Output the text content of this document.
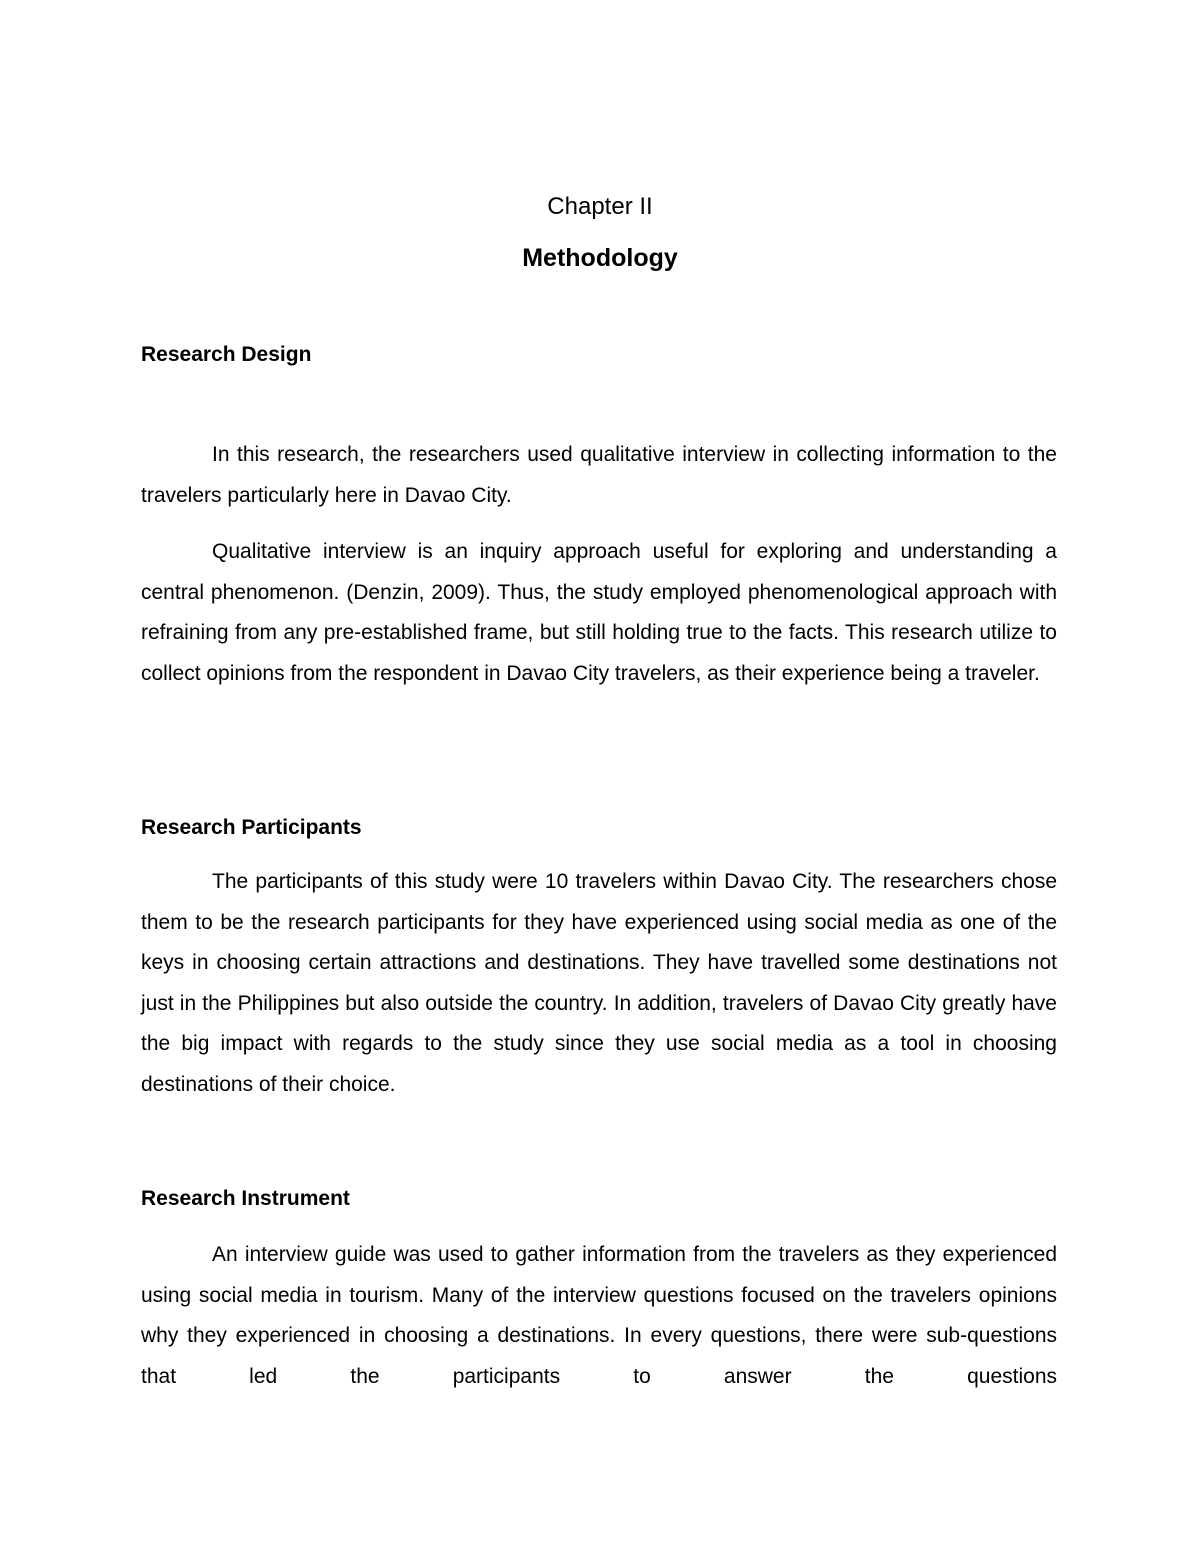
Chapter II
Methodology
Research Design

In this research, the researchers used qualitative interview in collecting information to the travelers particularly here in Davao City.

Qualitative interview is an inquiry approach useful for exploring and understanding a central phenomenon. (Denzin, 2009). Thus, the study employed phenomenological approach with refraining from any pre-established frame, but still holding true to the facts. This research utilize to collect opinions from the respondent in Davao City travelers, as their experience being a traveler.

Research Participants

The participants of this study were 10 travelers within Davao City. The researchers chose them to be the research participants for they have experienced using social media as one of the keys in choosing certain attractions and destinations. They have travelled some destinations not just in the Philippines but also outside the country. In addition, travelers of Davao City greatly have the big impact with regards to the study since they use social media as a tool in choosing destinations of their choice.

Research Instrument

An interview guide was used to gather information from the travelers as they experienced using social media in tourism. Many of the interview questions focused on the travelers opinions why they experienced in choosing a destinations. In every questions, there were sub-questions that led the participants to answer the questions
